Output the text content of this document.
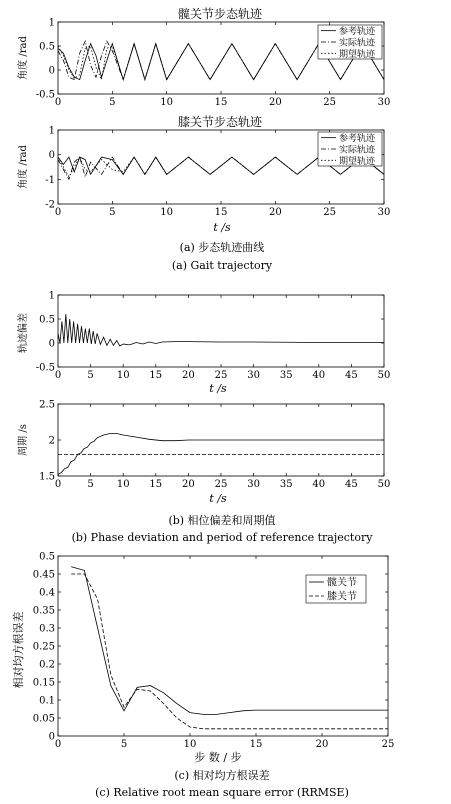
髋关节步态轨迹
角度 /rad
0	5	10	15	20	25	30
-0.5
0
0.5
1
参考轨迹
实际轨迹
期望轨迹
膝关节步态轨迹
角度 /rad
t /s
0	5	10	15	20	25	30
-2
-1
0
1
参考轨迹
实际轨迹
期望轨迹
(a) 步态轨迹曲线
(a) Gait trajectory
轨迹偏差
t /s
0	5 10 15 20 25 30 35 40 45 50
-0.5
0
0.5
1
周期 /s
t /s
0	5 10 15 20 25 30 35 40 45 50
1.5
2
2.5
(b) 相位偏差和周期值
(b) Phase deviation and period of reference trajectory
相对均方根误差
步 数 / 步
0	5	10	15	20	25
0
0.05
0.1
0.15
0.2
0.25
0.3
0.35
0.4
0.45
0.5
髋关节
膝关节
(c) 相对均方根误差
(c) Relative root mean square error (RRMSE)
